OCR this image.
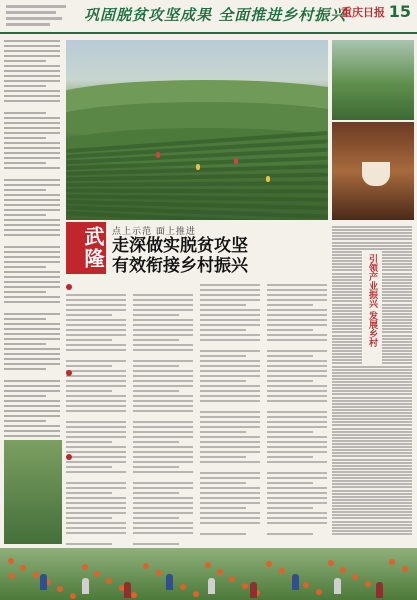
巩固脱贫攻坚成果 全面推进乡村振兴
重庆日报 15
武隆 点上示范 面上推进
走深做实脱贫攻坚
有效衔接乡村振兴	引领产业振兴 发展乡村
